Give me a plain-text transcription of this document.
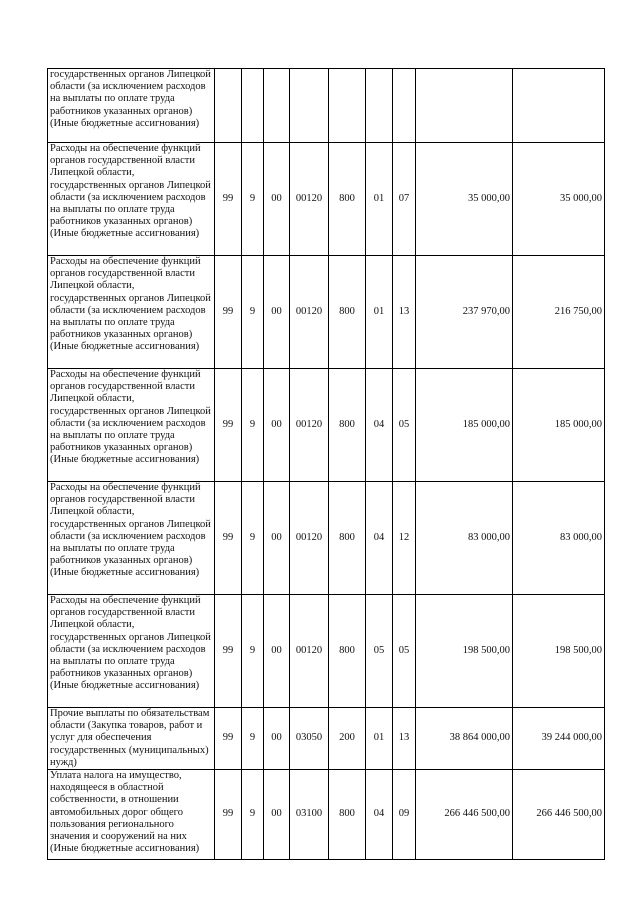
государственных органов Липецкой области (за исключением расходов на выплаты по оплате труда работников указанных органов) (Иные бюджетные ассигнования)									
Расходы на обеспечение функций органов государственной власти Липецкой области, государственных органов Липецкой области (за исключением расходов на выплаты по оплате труда работников указанных органов) (Иные бюджетные ассигнования)	99	9	00	00120	800	01	07	35 000,00	35 000,00
Расходы на обеспечение функций органов государственной власти Липецкой области, государственных органов Липецкой области (за исключением расходов на выплаты по оплате труда работников указанных органов) (Иные бюджетные ассигнования)	99	9	00	00120	800	01	13	237 970,00	216 750,00
Расходы на обеспечение функций органов государственной власти Липецкой области, государственных органов Липецкой области (за исключением расходов на выплаты по оплате труда работников указанных органов) (Иные бюджетные ассигнования)	99	9	00	00120	800	04	05	185 000,00	185 000,00
Расходы на обеспечение функций органов государственной власти Липецкой области, государственных органов Липецкой области (за исключением расходов на выплаты по оплате труда работников указанных органов) (Иные бюджетные ассигнования)	99	9	00	00120	800	04	12	83 000,00	83 000,00
Расходы на обеспечение функций органов государственной власти Липецкой области, государственных органов Липецкой области (за исключением расходов на выплаты по оплате труда работников указанных органов) (Иные бюджетные ассигнования)	99	9	00	00120	800	05	05	198 500,00	198 500,00
Прочие выплаты по обязательствам области (Закупка товаров, работ и услуг для обеспечения государственных (муниципальных) нужд)	99	9	00	03050	200	01	13	38 864 000,00	39 244 000,00
Уплата налога на имущество, находящееся в областной собственности, в отношении автомобильных дорог общего пользования регионального значения и сооружений на них (Иные бюджетные ассигнования)	99	9	00	03100	800	04	09	266 446 500,00	266 446 500,00
